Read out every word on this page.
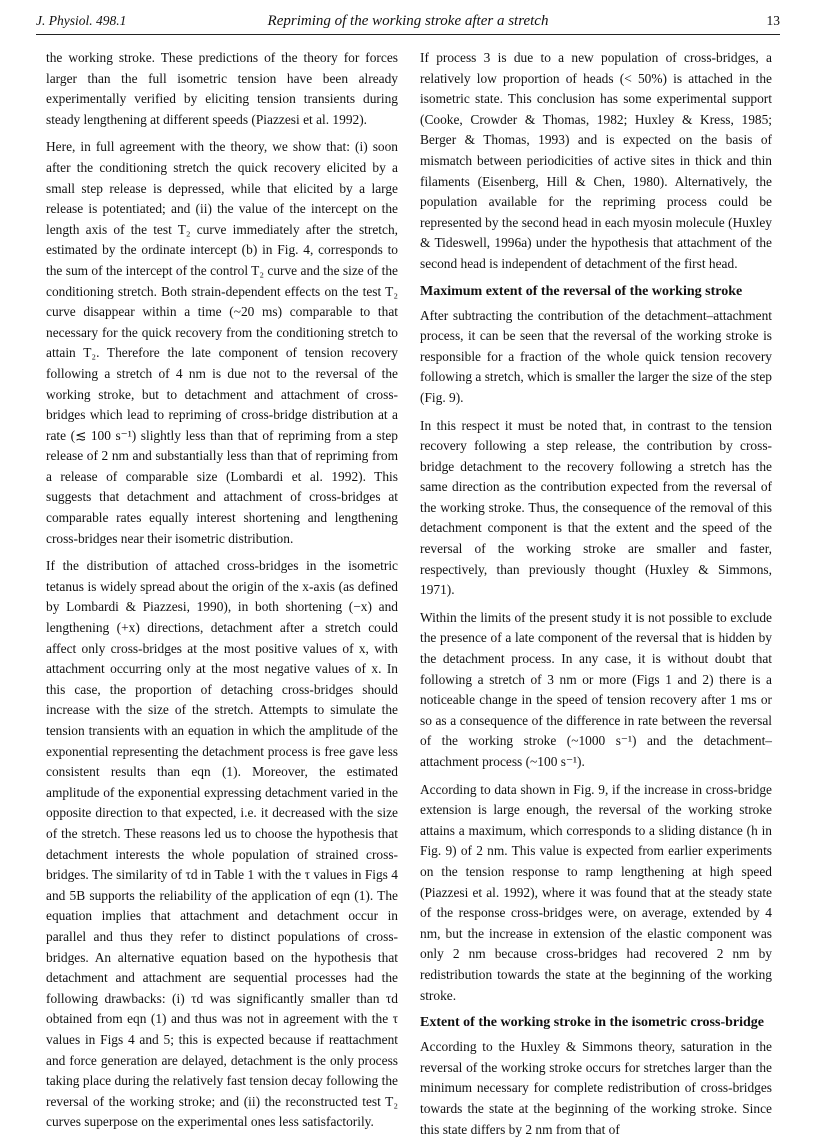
J. Physiol. 498.1	Repriming of the working stroke after a stretch	13

the working stroke. These predictions of the theory for forces larger than the full isometric tension have been already experimentally verified by eliciting tension transients during steady lengthening at different speeds (Piazzesi et al. 1992).

Here, in full agreement with the theory, we show that: (i) soon after the conditioning stretch the quick recovery elicited by a small step release is depressed, while that elicited by a large release is potentiated; and (ii) the value of the intercept on the length axis of the test T₂ curve immediately after the stretch, estimated by the ordinate intercept (b) in Fig. 4, corresponds to the sum of the intercept of the control T₂ curve and the size of the conditioning stretch. Both strain-dependent effects on the test T₂ curve disappear within a time (~20 ms) comparable to that necessary for the quick recovery from the conditioning stretch to attain T₂. Therefore the late component of tension recovery following a stretch of 4 nm is due not to the reversal of the working stroke, but to detachment and attachment of cross-bridges which lead to repriming of cross-bridge distribution at a rate (≲ 100 s⁻¹) slightly less than that of repriming from a step release of 2 nm and substantially less than that of repriming from a release of comparable size (Lombardi et al. 1992). This suggests that detachment and attachment of cross-bridges at comparable rates equally interest shortening and lengthening cross-bridges near their isometric distribution.

If the distribution of attached cross-bridges in the isometric tetanus is widely spread about the origin of the x-axis (as defined by Lombardi & Piazzesi, 1990), in both shortening (−x) and lengthening (+x) directions, detachment after a stretch could affect only cross-bridges at the most positive values of x, with attachment occurring only at the most negative values of x. In this case, the proportion of detaching cross-bridges should increase with the size of the stretch. Attempts to simulate the tension transients with an equation in which the amplitude of the exponential representing the detachment process is free gave less consistent results than eqn (1). Moreover, the estimated amplitude of the exponential expressing detachment varied in the opposite direction to that expected, i.e. it decreased with the size of the stretch. These reasons led us to choose the hypothesis that detachment interests the whole population of strained cross-bridges. The similarity of τd in Table 1 with the τ values in Figs 4 and 5B supports the reliability of the application of eqn (1). The equation implies that attachment and detachment occur in parallel and thus they refer to distinct populations of cross-bridges. An alternative equation based on the hypothesis that detachment and attachment are sequential processes had the following drawbacks: (i) τd was significantly smaller than τd obtained from eqn (1) and thus was not in agreement with the τ values in Figs 4 and 5; this is expected because if reattachment and force generation are delayed, detachment is the only process taking place during the relatively fast tension decay following the reversal of the working stroke; and (ii) the reconstructed test T₂ curves superpose on the experimental ones less satisfactorily.

If process 3 is due to a new population of cross-bridges, a relatively low proportion of heads (< 50%) is attached in the isometric state. This conclusion has some experimental support (Cooke, Crowder & Thomas, 1982; Huxley & Kress, 1985; Berger & Thomas, 1993) and is expected on the basis of mismatch between periodicities of active sites in thick and thin filaments (Eisenberg, Hill & Chen, 1980). Alternatively, the population available for the repriming process could be represented by the second head in each myosin molecule (Huxley & Tideswell, 1996a) under the hypothesis that attachment of the second head is independent of detachment of the first head.

Maximum extent of the reversal of the working stroke

After subtracting the contribution of the detachment–attachment process, it can be seen that the reversal of the working stroke is responsible for a fraction of the whole quick tension recovery following a stretch, which is smaller the larger the size of the step (Fig. 9).

In this respect it must be noted that, in contrast to the tension recovery following a step release, the contribution by cross-bridge detachment to the recovery following a stretch has the same direction as the contribution expected from the reversal of the working stroke. Thus, the consequence of the removal of this detachment component is that the extent and the speed of the reversal of the working stroke are smaller and faster, respectively, than previously thought (Huxley & Simmons, 1971).

Within the limits of the present study it is not possible to exclude the presence of a late component of the reversal that is hidden by the detachment process. In any case, it is without doubt that following a stretch of 3 nm or more (Figs 1 and 2) there is a noticeable change in the speed of tension recovery after 1 ms or so as a consequence of the difference in rate between the reversal of the working stroke (~1000 s⁻¹) and the detachment–attachment process (~100 s⁻¹).

According to data shown in Fig. 9, if the increase in cross-bridge extension is large enough, the reversal of the working stroke attains a maximum, which corresponds to a sliding distance (h in Fig. 9) of 2 nm. This value is expected from earlier experiments on the tension response to ramp lengthening at high speed (Piazzesi et al. 1992), where it was found that at the steady state of the response cross-bridges were, on average, extended by 4 nm, but the increase in extension of the elastic component was only 2 nm because cross-bridges had recovered 2 nm by redistribution towards the state at the beginning of the working stroke.

Extent of the working stroke in the isometric cross-bridge

According to the Huxley & Simmons theory, saturation in the reversal of the working stroke occurs for stretches larger than the minimum necessary for complete redistribution of cross-bridges towards the state at the beginning of the working stroke. Since this state differs by 2 nm from that of
